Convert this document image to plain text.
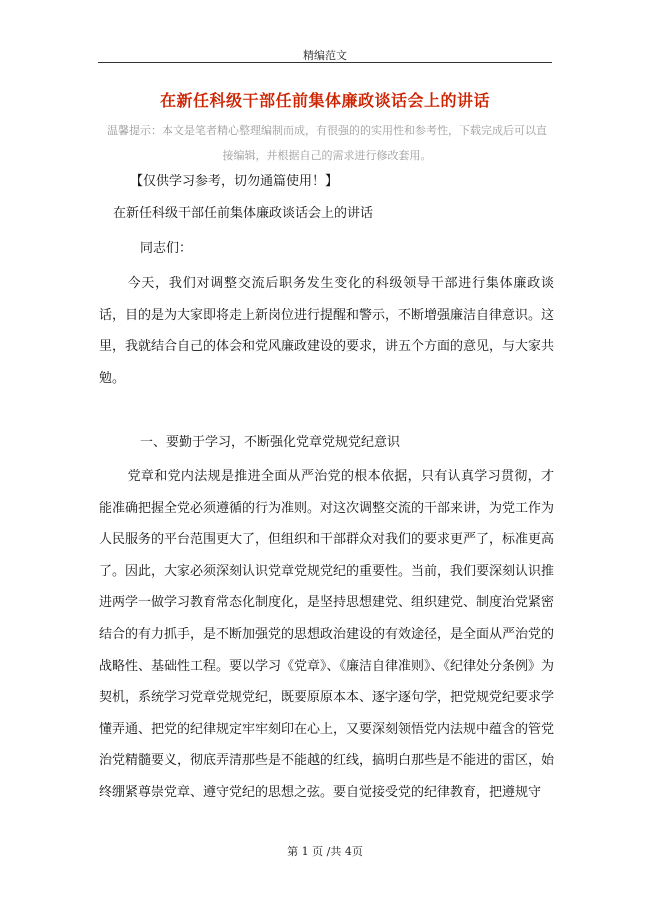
精编范文
在新任科级干部任前集体廉政谈话会上的讲话
温馨提示：本文是笔者精心整理编制而成，有很强的的实用性和参考性，下载完成后可以直接编辑，并根据自己的需求进行修改套用。
【仅供学习参考，切勿通篇使用！】
在新任科级干部任前集体廉政谈话会上的讲话
同志们：

今天，我们对调整交流后职务发生变化的科级领导干部进行集体廉政谈话，目的是为大家即将走上新岗位进行提醒和警示，不断增强廉洁自律意识。这里，我就结合自己的体会和党风廉政建设的要求，讲五个方面的意见，与大家共勉。

一、要勤于学习，不断强化党章党规党纪意识

党章和党内法规是推进全面从严治党的根本依据，只有认真学习贯彻，才能准确把握全党必须遵循的行为准则。对这次调整交流的干部来讲，为党工作为人民服务的平台范围更大了，但组织和干部群众对我们的要求更严了，标准更高了。因此，大家必须深刻认识党章党规党纪的重要性。当前，我们要深刻认识推进两学一做学习教育常态化制度化，是坚持思想建党、组织建党、制度治党紧密结合的有力抓手，是不断加强党的思想政治建设的有效途径，是全面从严治党的战略性、基础性工程。要以学习《党章》、《廉洁自律准则》、《纪律处分条例》为契机，系统学习党章党规党纪，既要原原本本、逐字逐句学，把党规党纪要求学懂弄通、把党的纪律规定牢牢刻印在心上，又要深刻领悟党内法规中蕴含的管党治党精髓要义，彻底弄清那些是不能越的红线，搞明白那些是不能进的雷区，始终绷紧尊崇党章、遵守党纪的思想之弦。要自觉接受党的纪律教育，把遵规守

第 1 页 /共 4页
